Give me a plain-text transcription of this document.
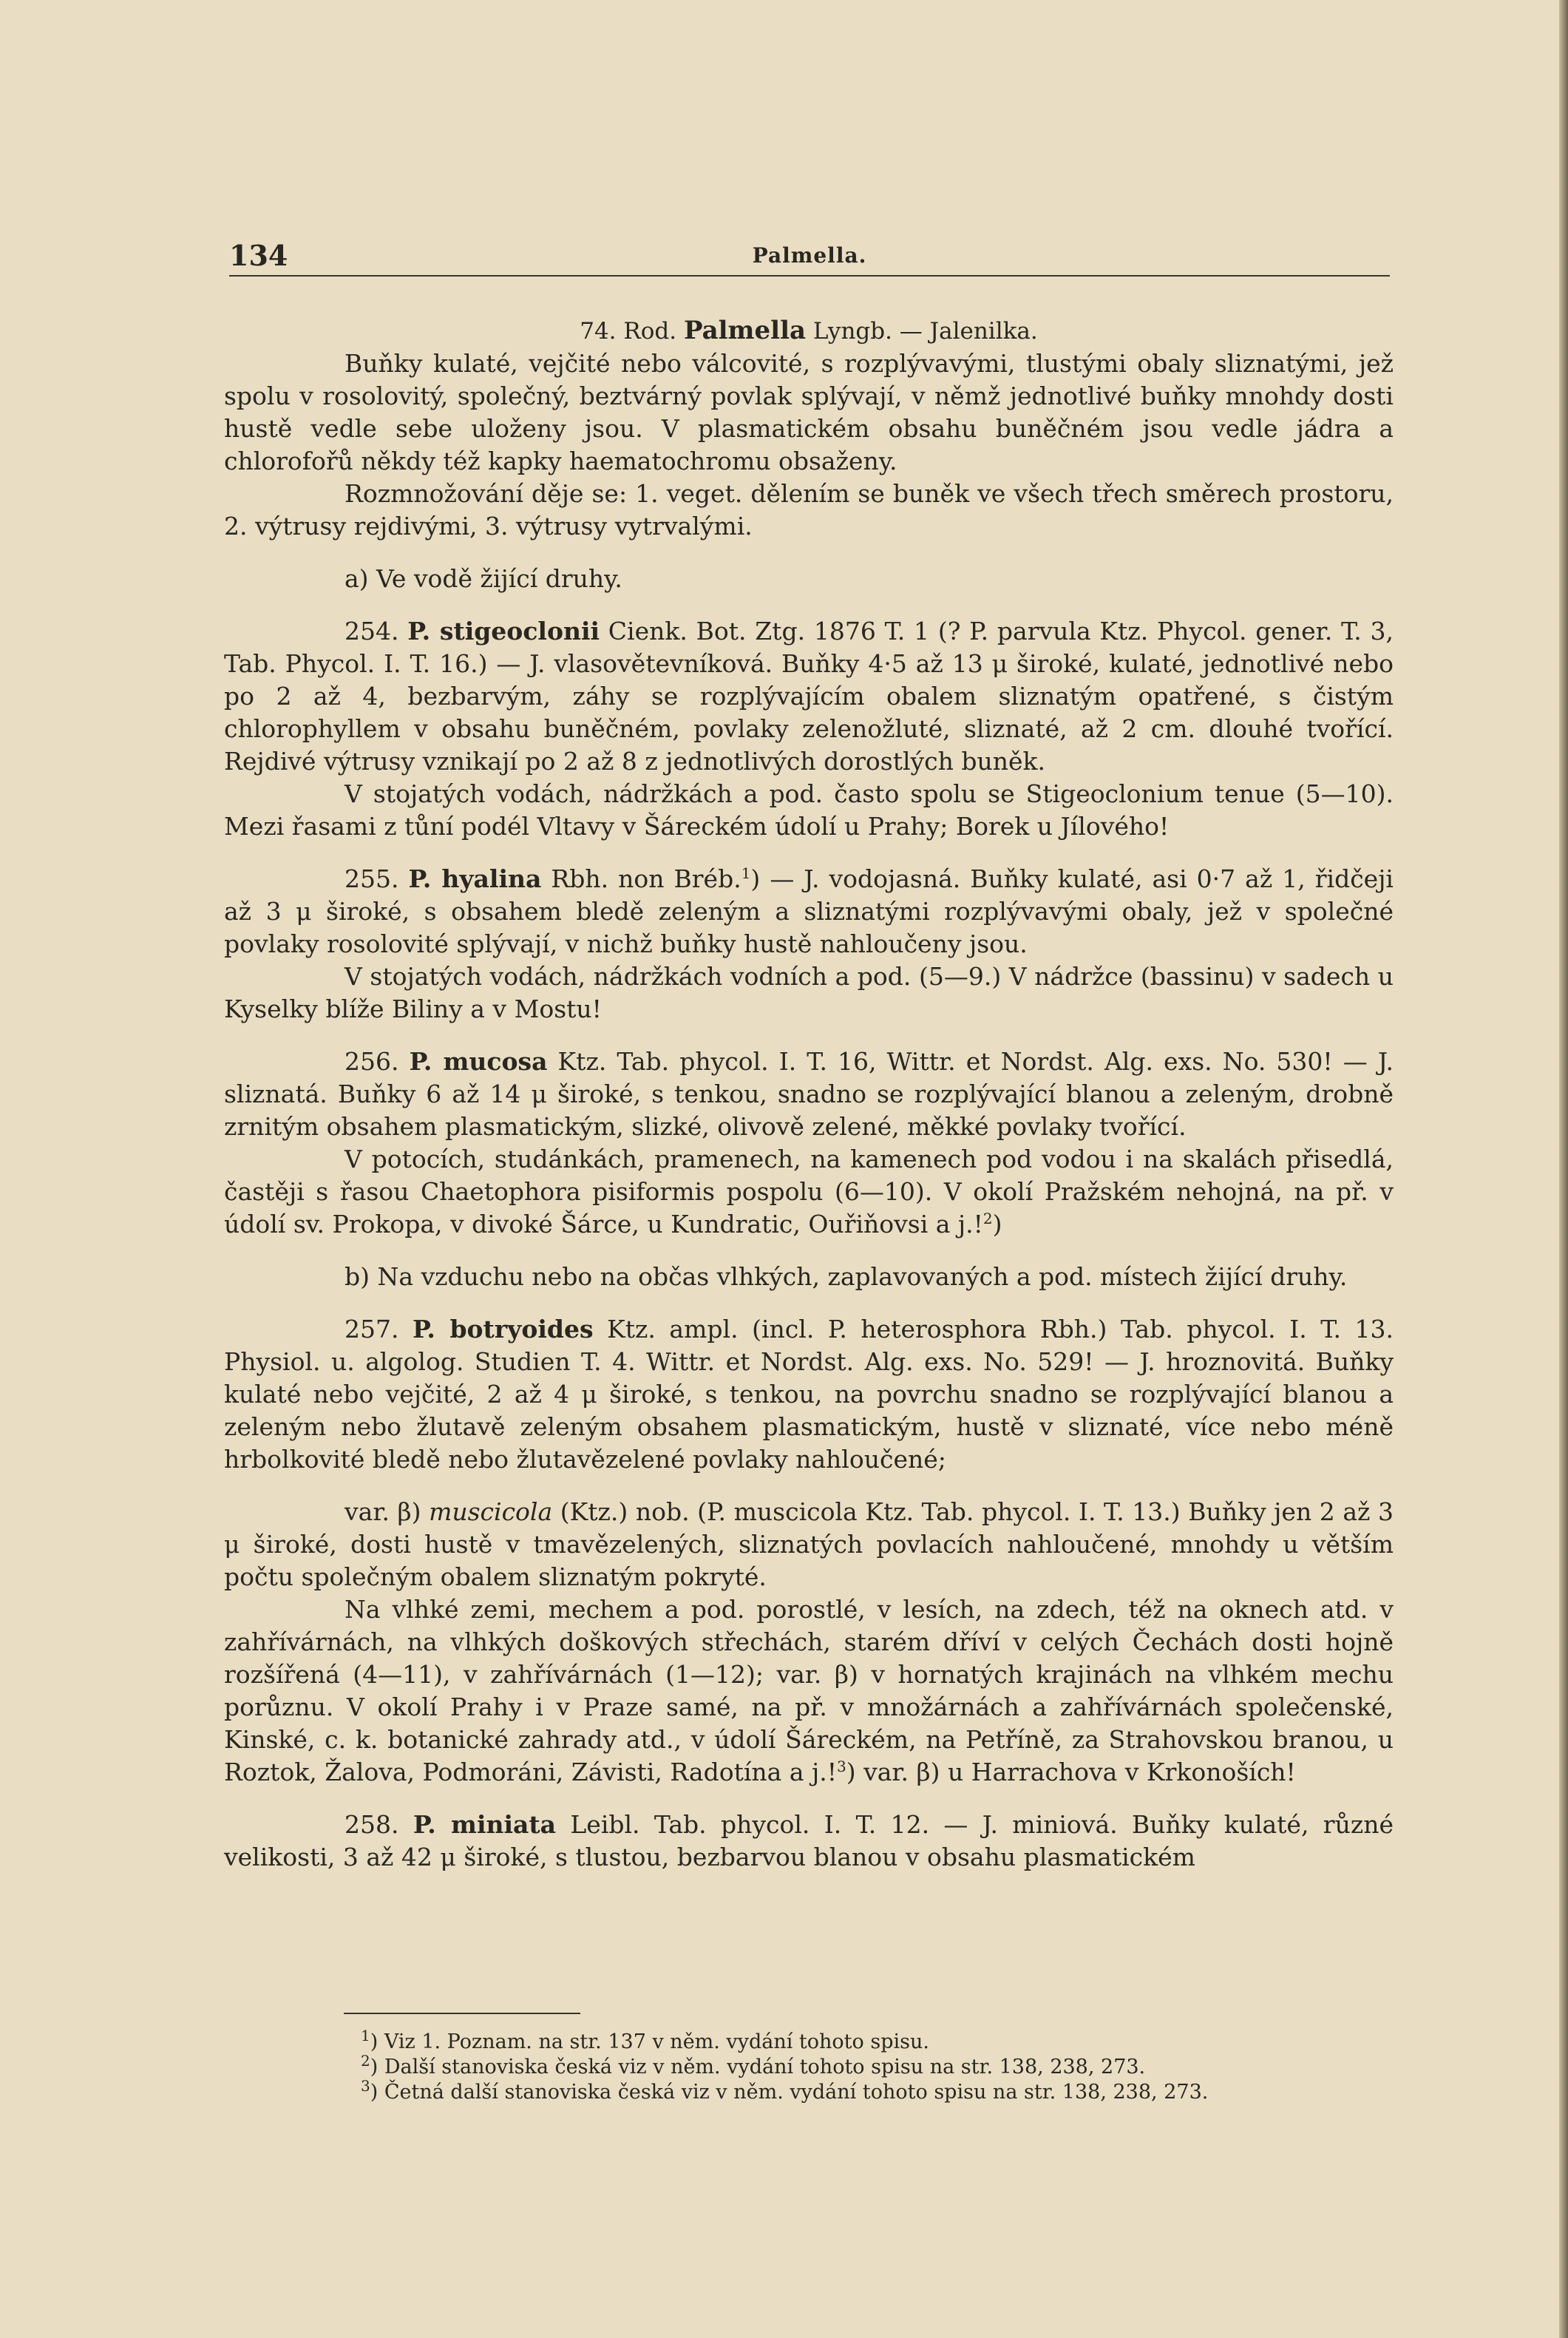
134	Palmella.

74. Rod. Palmella Lyngb. — Jalenilka.

Buňky kulaté, vejčité nebo válcovité, s rozplývavými, tlustými obaly sliznatými, jež spolu v rosolovitý, společný, beztvárný povlak splývají, v němž jednotlivé buňky mnohdy dosti hustě vedle sebe uloženy jsou. V plasmatickém obsahu buněčném jsou vedle jádra a chlorofořů někdy též kapky haematochromu obsaženy.

Rozmnožování děje se: 1. veget. dělením se buněk ve všech třech směrech prostoru, 2. výtrusy rejdivými, 3. výtrusy vytrvalými.

a) Ve vodě žijící druhy.

254. P. stigeoclonii Cienk. Bot. Ztg. 1876 T. 1 (? P. parvula Ktz. Phycol. gener. T. 3, Tab. Phycol. I. T. 16.) — J. vlasovětevníková. Buňky 4·5 až 13 μ široké, kulaté, jednotlivé nebo po 2 až 4, bezbarvým, záhy se rozplývajícím obalem sliznatým opatřené, s čistým chlorophyllem v obsahu buněčném, povlaky zelenožluté, sliznaté, až 2 cm. dlouhé tvořící. Rejdivé výtrusy vznikají po 2 až 8 z jednotlivých dorostlých buněk.

V stojatých vodách, nádržkách a pod. často spolu se Stigeoclonium tenue (5—10). Mezi řasami z tůní podél Vltavy v Šáreckém údolí u Prahy; Borek u Jílového!

255. P. hyalina Rbh. non Bréb.$^1$) — J. vodojasná. Buňky kulaté, asi 0·7 až 1, řidčeji až 3 μ široké, s obsahem bledě zeleným a sliznatými rozplývavými obaly, jež v společné povlaky rosolovité splývají, v nichž buňky hustě nahloučeny jsou.

V stojatých vodách, nádržkách vodních a pod. (5—9.) V nádržce (bassinu) v sadech u Kyselky blíže Biliny a v Mostu!

256. P. mucosa Ktz. Tab. phycol. I. T. 16, Wittr. et Nordst. Alg. exs. No. 530! — J. sliznatá. Buňky 6 až 14 μ široké, s tenkou, snadno se rozplývající blanou a zeleným, drobně zrnitým obsahem plasmatickým, slizké, olivově zelené, měkké povlaky tvořící.

V potocích, studánkách, pramenech, na kamenech pod vodou i na skalách přisedlá, častěji s řasou Chaetophora pisiformis pospolu (6—10). V okolí Pražském nehojná, na př. v údolí sv. Prokopa, v divoké Šárce, u Kundratic, Ouřiňovsi a j.!$^2$)

b) Na vzduchu nebo na občas vlhkých, zaplavovaných a pod. místech žijící druhy.

257. P. botryoides Ktz. ampl. (incl. P. heterosphora Rbh.) Tab. phycol. I. T. 13. Physiol. u. algolog. Studien T. 4. Wittr. et Nordst. Alg. exs. No. 529! — J. hroznovitá. Buňky kulaté nebo vejčité, 2 až 4 μ široké, s tenkou, na povrchu snadno se rozplývající blanou a zeleným nebo žlutavě zeleným obsahem plasmatickým, hustě v sliznaté, více nebo méně hrbolkovité bledě nebo žlutavězelené povlaky nahloučené;

var. β) muscicola (Ktz.) nob. (P. muscicola Ktz. Tab. phycol. I. T. 13.) Buňky jen 2 až 3 μ široké, dosti hustě v tmavězelených, sliznatých povlacích nahloučené, mnohdy u větším počtu společným obalem sliznatým pokryté.

Na vlhké zemi, mechem a pod. porostlé, v lesích, na zdech, též na oknech atd. v zahřívárnách, na vlhkých doškových střechách, starém dříví v celých Čechách dosti hojně rozšířená (4—11), v zahřívárnách (1—12); var. β) v hornatých krajinách na vlhkém mechu porůznu. V okolí Prahy i v Praze samé, na př. v množárnách a zahřívárnách společenské, Kinské, c. k. botanické zahrady atd., v údolí Šáreckém, na Petříně, za Strahovskou branou, u Roztok, Žalova, Podmoráni, Závisti, Radotína a j.!$^3$) var. β) u Harrachova v Krkonoších!

258. P. miniata Leibl. Tab. phycol. I. T. 12. — J. miniová. Buňky kulaté, různé velikosti, 3 až 42 μ široké, s tlustou, bezbarvou blanou v obsahu plasmatickém

$^1$) Viz 1. Poznam. na str. 137 v něm. vydání tohoto spisu.
$^2$) Další stanoviska česká viz v něm. vydání tohoto spisu na str. 138, 238, 273.
$^3$) Četná další stanoviska česká viz v něm. vydání tohoto spisu na str. 138, 238, 273.
